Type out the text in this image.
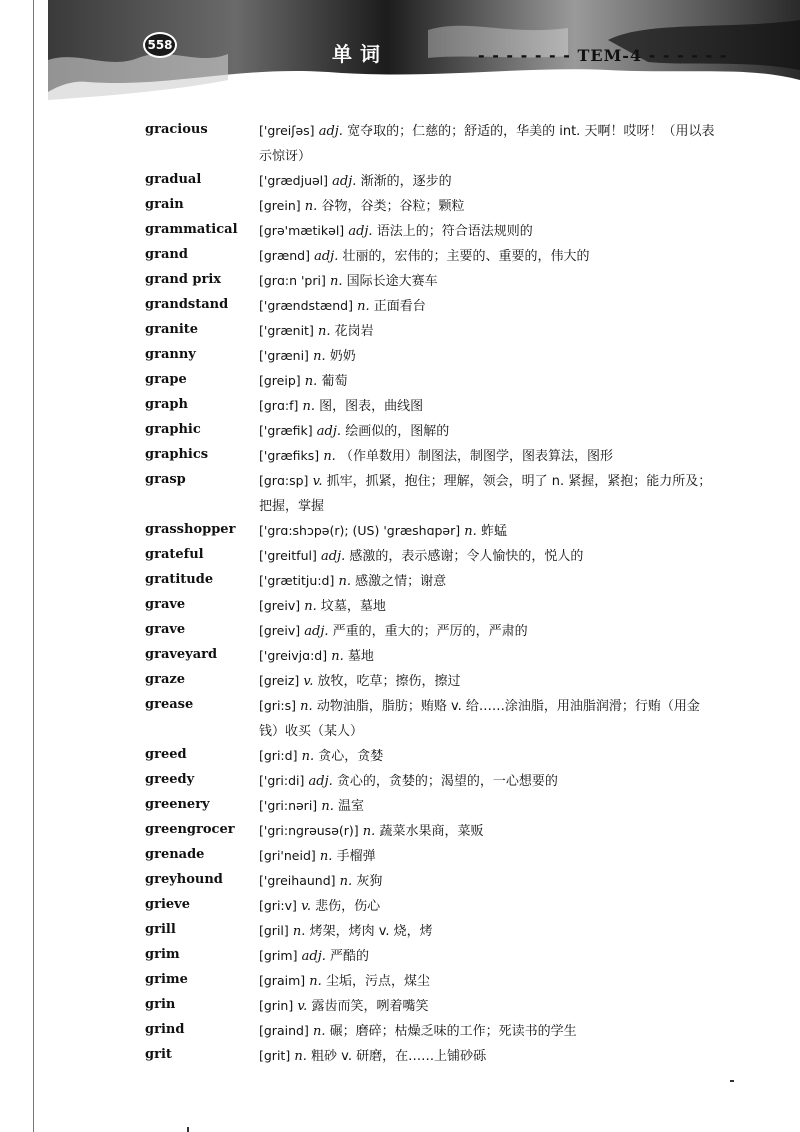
558	单词	- - - - - - - TEM-4 - - - - - -
gracious	['greiʃəs] adj. 宽夺取的；仁慈的；舒适的，华美的 int. 天啊！哎呀！（用以表示惊讶）
gradual	['grædjuəl] adj. 渐渐的，逐步的
grain	[grein] n. 谷物，谷类；谷粒；颗粒
grammatical	[grə'mætikəl] adj. 语法上的；符合语法规则的
grand	[grænd] adj. 壮丽的，宏伟的；主要的、重要的，伟大的
grand prix	[grɑ:n 'pri] n. 国际长途大赛车
grandstand	['grændstænd] n. 正面看台
granite	['grænit] n. 花岗岩
granny	['græni] n. 奶奶
grape	[greip] n. 葡萄
graph	[grɑ:f] n. 图，图表，曲线图
graphic	['græfik] adj. 绘画似的，图解的
graphics	['græfiks] n. （作单数用）制图法，制图学，图表算法，图形
grasp	[grɑ:sp] v. 抓牢，抓紧，抱住；理解，领会，明了 n. 紧握，紧抱；能力所及；把握，掌握
grasshopper	['grɑ:shɔpə(r); (US) 'græshɑpər] n. 蚱蜢
grateful	['greitful] adj. 感激的，表示感谢；令人愉快的，悦人的
gratitude	['grætitju:d] n. 感激之情；谢意
grave	[greiv] n. 坟墓，墓地
grave	[greiv] adj. 严重的，重大的；严厉的，严肃的
graveyard	['greivjɑ:d] n. 墓地
graze	[greiz] v. 放牧，吃草；擦伤，擦过
grease	[gri:s] n. 动物油脂，脂肪；贿赂 v. 给……涂油脂，用油脂润滑；行贿（用金钱）收买（某人）
greed	[gri:d] n. 贪心，贪婪
greedy	['gri:di] adj. 贪心的，贪婪的；渴望的，一心想要的
greenery	['gri:nəri] n. 温室
greengrocer	['gri:ngrəusə(r)] n. 蔬菜水果商，菜贩
grenade	[gri'neid] n. 手榴弹
greyhound	['greihaund] n. 灰狗
grieve	[gri:v] v. 悲伤，伤心
grill	[gril] n. 烤架，烤肉 v. 烧，烤
grim	[grim] adj. 严酷的
grime	[graim] n. 尘垢，污点，煤尘
grin	[grin] v. 露齿而笑，咧着嘴笑
grind	[graind] n. 碾；磨碎；枯燥乏味的工作；死读书的学生
grit	[grit] n. 粗砂 v. 研磨，在……上铺砂砾
